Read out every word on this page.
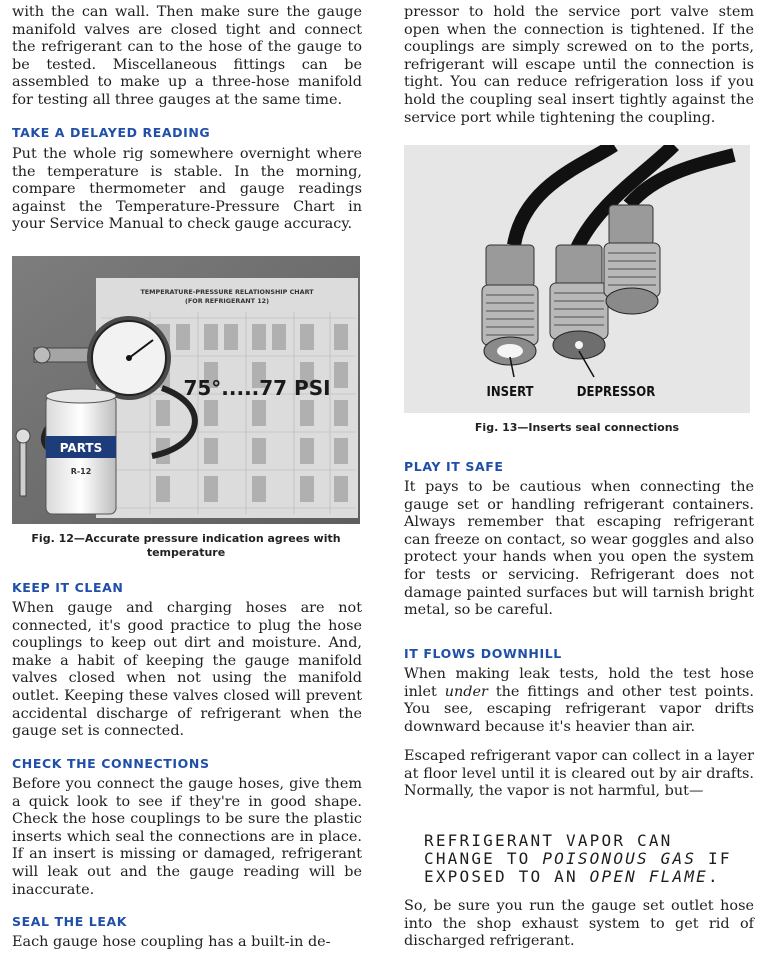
with the can wall. Then make sure the gauge manifold valves are closed tight and connect the refrigerant can to the hose of the gauge to be tested. Miscellaneous fittings can be assembled to make up a three-hose manifold for testing all three gauges at the same time.

TAKE A DELAYED READING

Put the whole rig somewhere overnight where the temperature is stable. In the morning, compare thermometer and gauge readings against the Temperature-Pressure Chart in your Service Manual to check gauge accuracy.

TEMPERATURE-PRESSURE RELATIONSHIP CHART
(FOR REFRIGERANT 12)
PARTS
R-12
75°.....77 PSI
Fig. 12—Accurate pressure indication agrees with temperature
KEEP IT CLEAN

When gauge and charging hoses are not connected, it's good practice to plug the hose couplings to keep out dirt and moisture. And, make a habit of keeping the gauge manifold valves closed when not using the manifold outlet. Keeping these valves closed will prevent accidental discharge of refrigerant when the gauge set is connected.

CHECK THE CONNECTIONS

Before you connect the gauge hoses, give them a quick look to see if they're in good shape. Check the hose couplings to be sure the plastic inserts which seal the connections are in place. If an insert is missing or damaged, refrigerant will leak out and the gauge reading will be inaccurate.

SEAL THE LEAK

Each gauge hose coupling has a built-in de-

pressor to hold the service port valve stem open when the connection is tightened. If the couplings are simply screwed on to the ports, refrigerant will escape until the connection is tight. You can reduce refrigeration loss if you hold the coupling seal insert tightly against the service port while tightening the coupling.

INSERT	DEPRESSOR
Fig. 13—Inserts seal connections
PLAY IT SAFE

It pays to be cautious when connecting the gauge set or handling refrigerant containers. Always remember that escaping refrigerant can freeze on contact, so wear goggles and also protect your hands when you open the system for tests or servicing. Refrigerant does not damage painted surfaces but will tarnish bright metal, so be careful.

IT FLOWS DOWNHILL

When making leak tests, hold the test hose inlet under the fittings and other test points. You see, escaping refrigerant vapor drifts downward because it's heavier than air.

Escaped refrigerant vapor can collect in a layer at floor level until it is cleared out by air drafts. Normally, the vapor is not harmful, but—

REFRIGERANT VAPOR CAN

CHANGE TO POISONOUS GAS IF

EXPOSED TO AN OPEN FLAME.

So, be sure you run the gauge set outlet hose into the shop exhaust system to get rid of discharged refrigerant.
